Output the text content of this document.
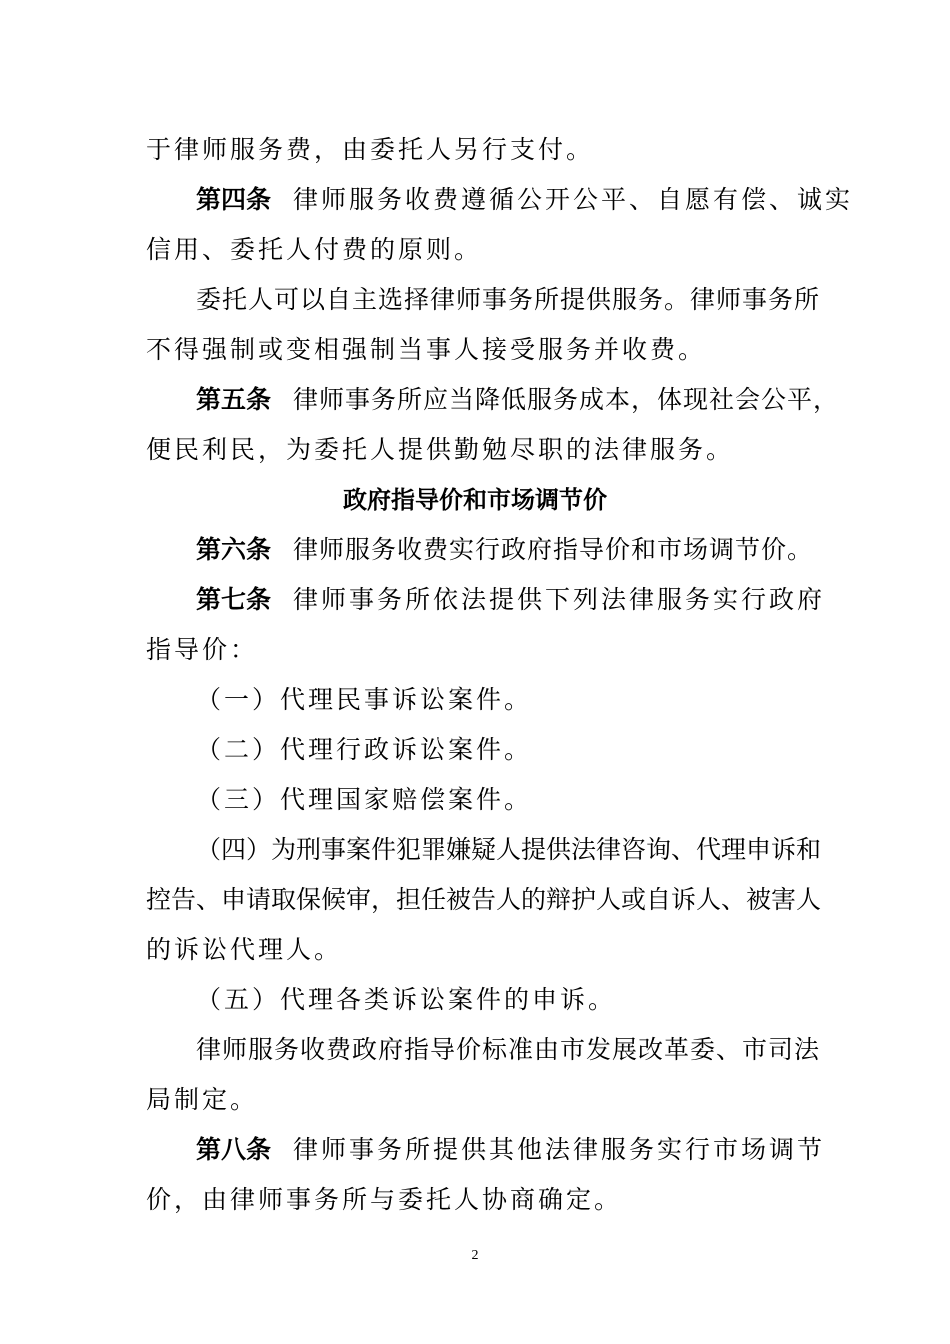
于律师服务费，由委托人另行支付。
第四条 律师服务收费遵循公开公平、自愿有偿、诚实
信用、委托人付费的原则。
委托人可以自主选择律师事务所提供服务。律师事务所
不得强制或变相强制当事人接受服务并收费。
第五条 律师事务所应当降低服务成本，体现社会公平，
便民利民，为委托人提供勤勉尽职的法律服务。
政府指导价和市场调节价
第六条 律师服务收费实行政府指导价和市场调节价。
第七条 律师事务所依法提供下列法律服务实行政府
指导价：
（一）代理民事诉讼案件。
（二）代理行政诉讼案件。
（三）代理国家赔偿案件。
（四）为刑事案件犯罪嫌疑人提供法律咨询、代理申诉和
控告、申请取保候审，担任被告人的辩护人或自诉人、被害人
的诉讼代理人。
（五）代理各类诉讼案件的申诉。
律师服务收费政府指导价标准由市发展改革委、市司法
局制定。
第八条 律师事务所提供其他法律服务实行市场调节
价，由律师事务所与委托人协商确定。
2
